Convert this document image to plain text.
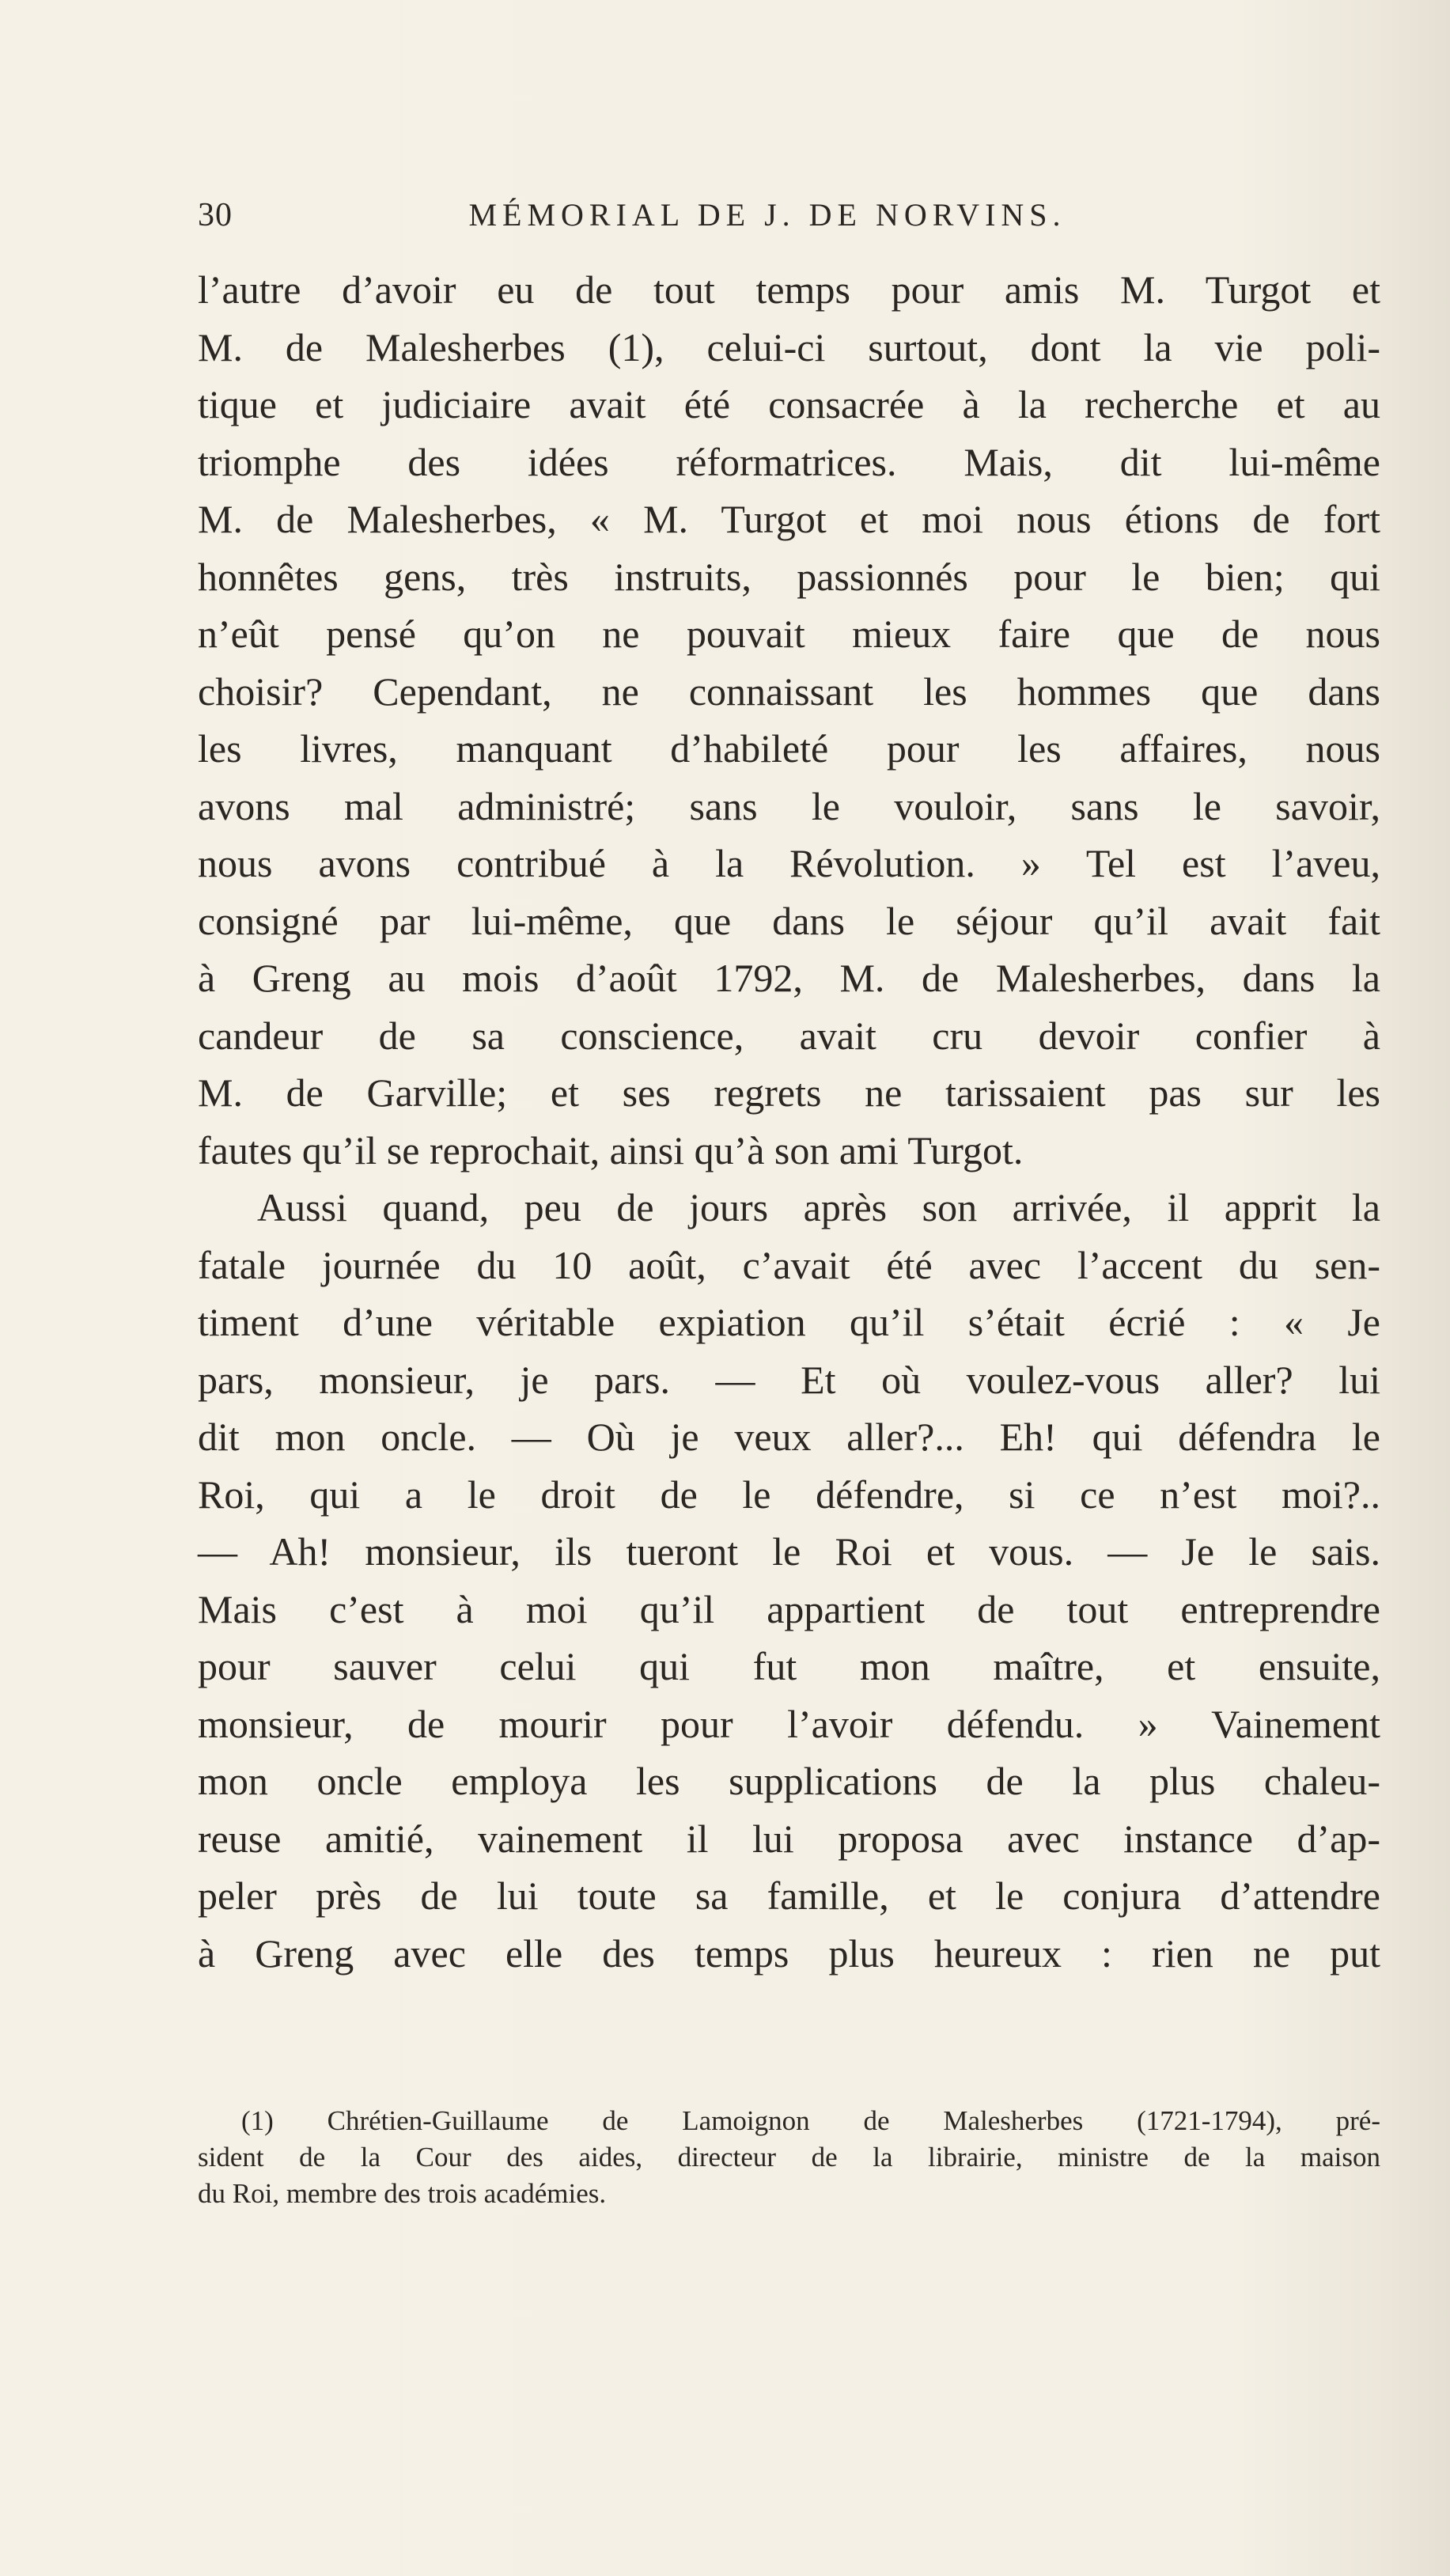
30	MÉMORIAL DE J. DE NORVINS.
l’autre d’avoir eu de tout temps pour amis M. Turgot et
M. de Malesherbes (1), celui-ci surtout, dont la vie poli-
tique et judiciaire avait été consacrée à la recherche et au
triomphe des idées réformatrices. Mais, dit lui-même
M. de Malesherbes, « M. Turgot et moi nous étions de fort
honnêtes gens, très instruits, passionnés pour le bien; qui
n’eût pensé qu’on ne pouvait mieux faire que de nous
choisir? Cependant, ne connaissant les hommes que dans
les livres, manquant d’habileté pour les affaires, nous
avons mal administré; sans le vouloir, sans le savoir,
nous avons contribué à la Révolution. » Tel est l’aveu,
consigné par lui-même, que dans le séjour qu’il avait fait
à Greng au mois d’août 1792, M. de Malesherbes, dans la
candeur de sa conscience, avait cru devoir confier à
M. de Garville; et ses regrets ne tarissaient pas sur les
fautes qu’il se reprochait, ainsi qu’à son ami Turgot.
Aussi quand, peu de jours après son arrivée, il apprit la
fatale journée du 10 août, c’avait été avec l’accent du sen-
timent d’une véritable expiation qu’il s’était écrié : « Je
pars, monsieur, je pars. — Et où voulez-vous aller? lui
dit mon oncle. — Où je veux aller?... Eh! qui défendra le
Roi, qui a le droit de le défendre, si ce n’est moi?..
— Ah! monsieur, ils tueront le Roi et vous. — Je le sais.
Mais c’est à moi qu’il appartient de tout entreprendre
pour sauver celui qui fut mon maître, et ensuite,
monsieur, de mourir pour l’avoir défendu. » Vainement
mon oncle employa les supplications de la plus chaleu-
reuse amitié, vainement il lui proposa avec instance d’ap-
peler près de lui toute sa famille, et le conjura d’attendre
à Greng avec elle des temps plus heureux : rien ne put
(1) Chrétien-Guillaume de Lamoignon de Malesherbes (1721-1794), pré-
sident de la Cour des aides, directeur de la librairie, ministre de la maison
du Roi, membre des trois académies.
